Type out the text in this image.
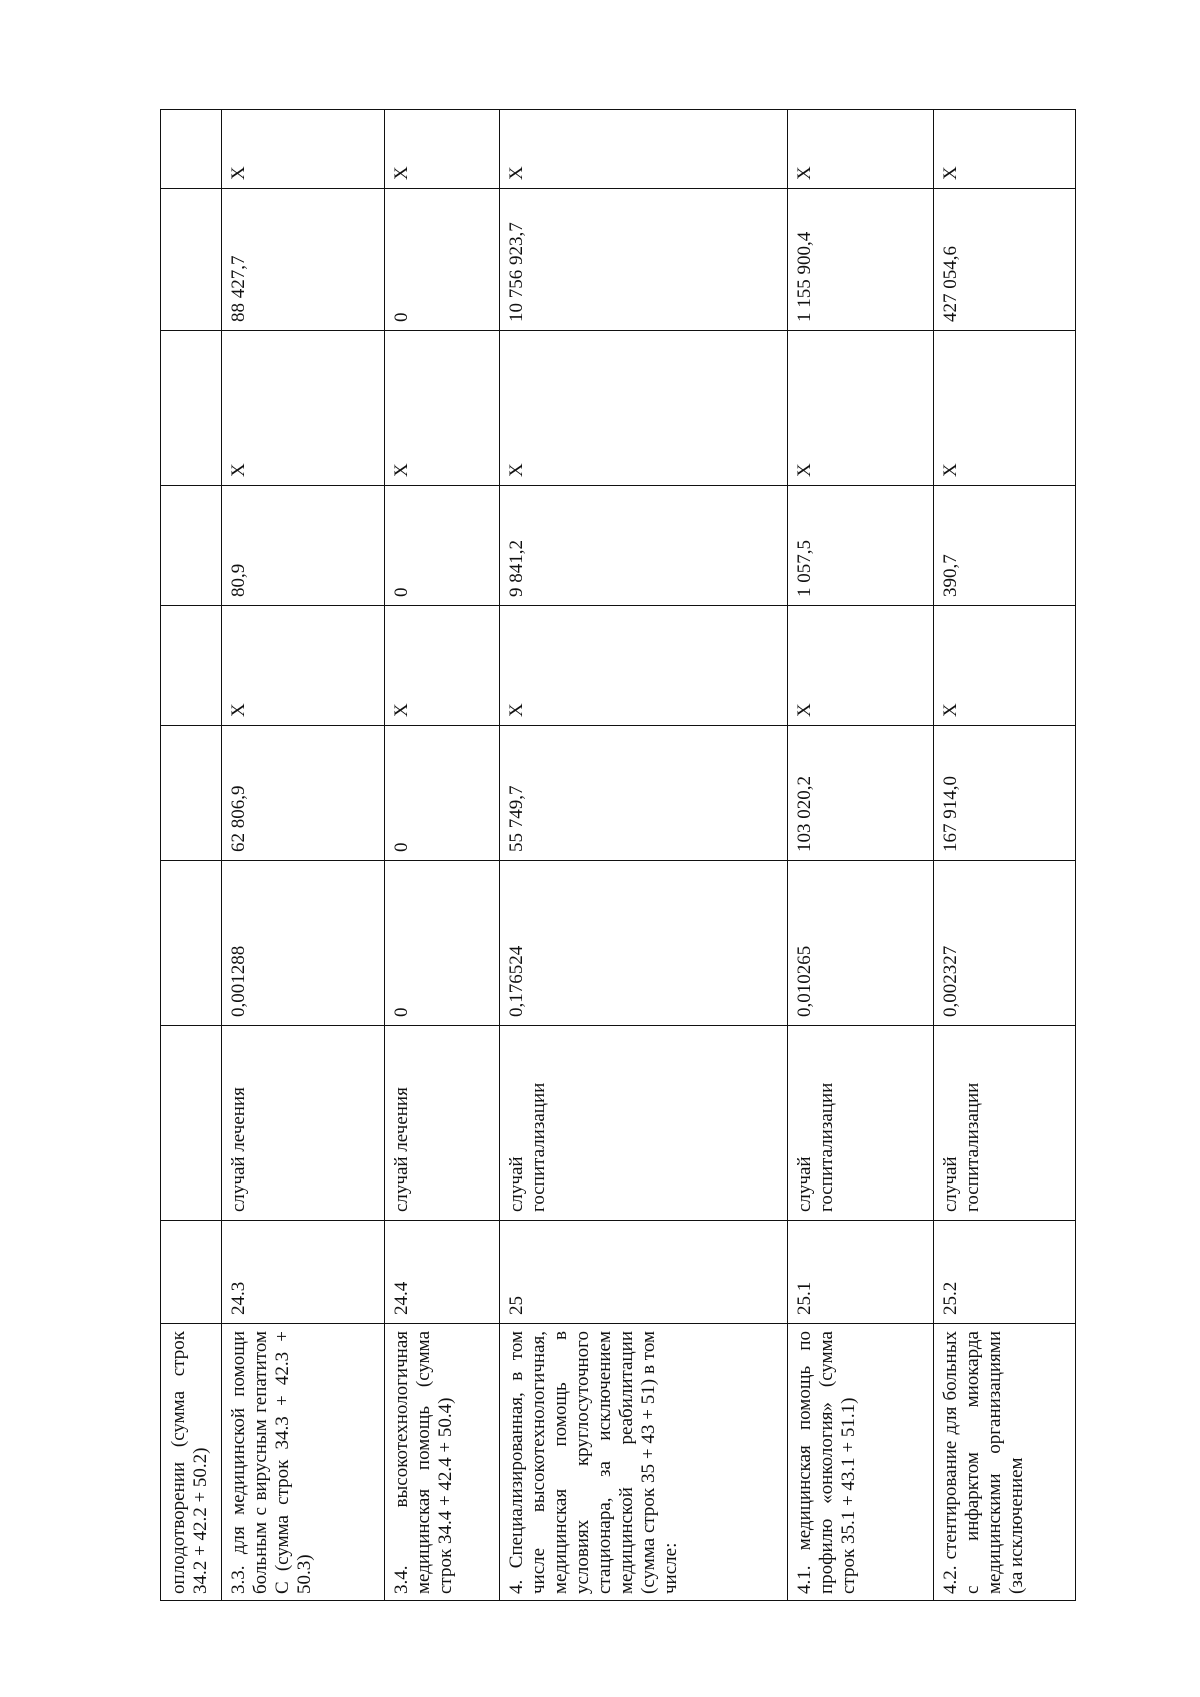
оплодотворении (сумма строк 34.2 + 42.2 + 50.2) 3.3. для медицинской помощи больным с вирусным гепатитом С (сумма строк 34.3 + 42.3 + 50.3)
24.3
случай лечения
0,001288
62 806,9
X
80,9
X
88 427,7
X
3.4. высокотехнологичная медицинская помощь (сумма строк 34.4 + 42.4 + 50.4)
24.4
случай лечения
0
0
X
0
X
0
X
4. Специализированная, в том числе высокотехнологичная, медицинская помощь в условиях круглосуточного стационара, за исключением медицинской реабилитации (сумма строк 35 + 43 + 51) в том числе:
25
случай госпитализации
0,176524
55 749,7
X
9 841,2
X
10 756 923,7
X
4.1. медицинская помощь по профилю «онкология» (сумма строк 35.1 + 43.1 + 51.1)
25.1
случай госпитализации
0,010265
103 020,2
X
1 057,5
X
1 155 900,4
X
4.2. стентирование для больных с инфарктом миокарда медицинскими организациями (за исключением
25.2
случай госпитализации
0,002327
167 914,0
X
390,7
X
427 054,6
X
